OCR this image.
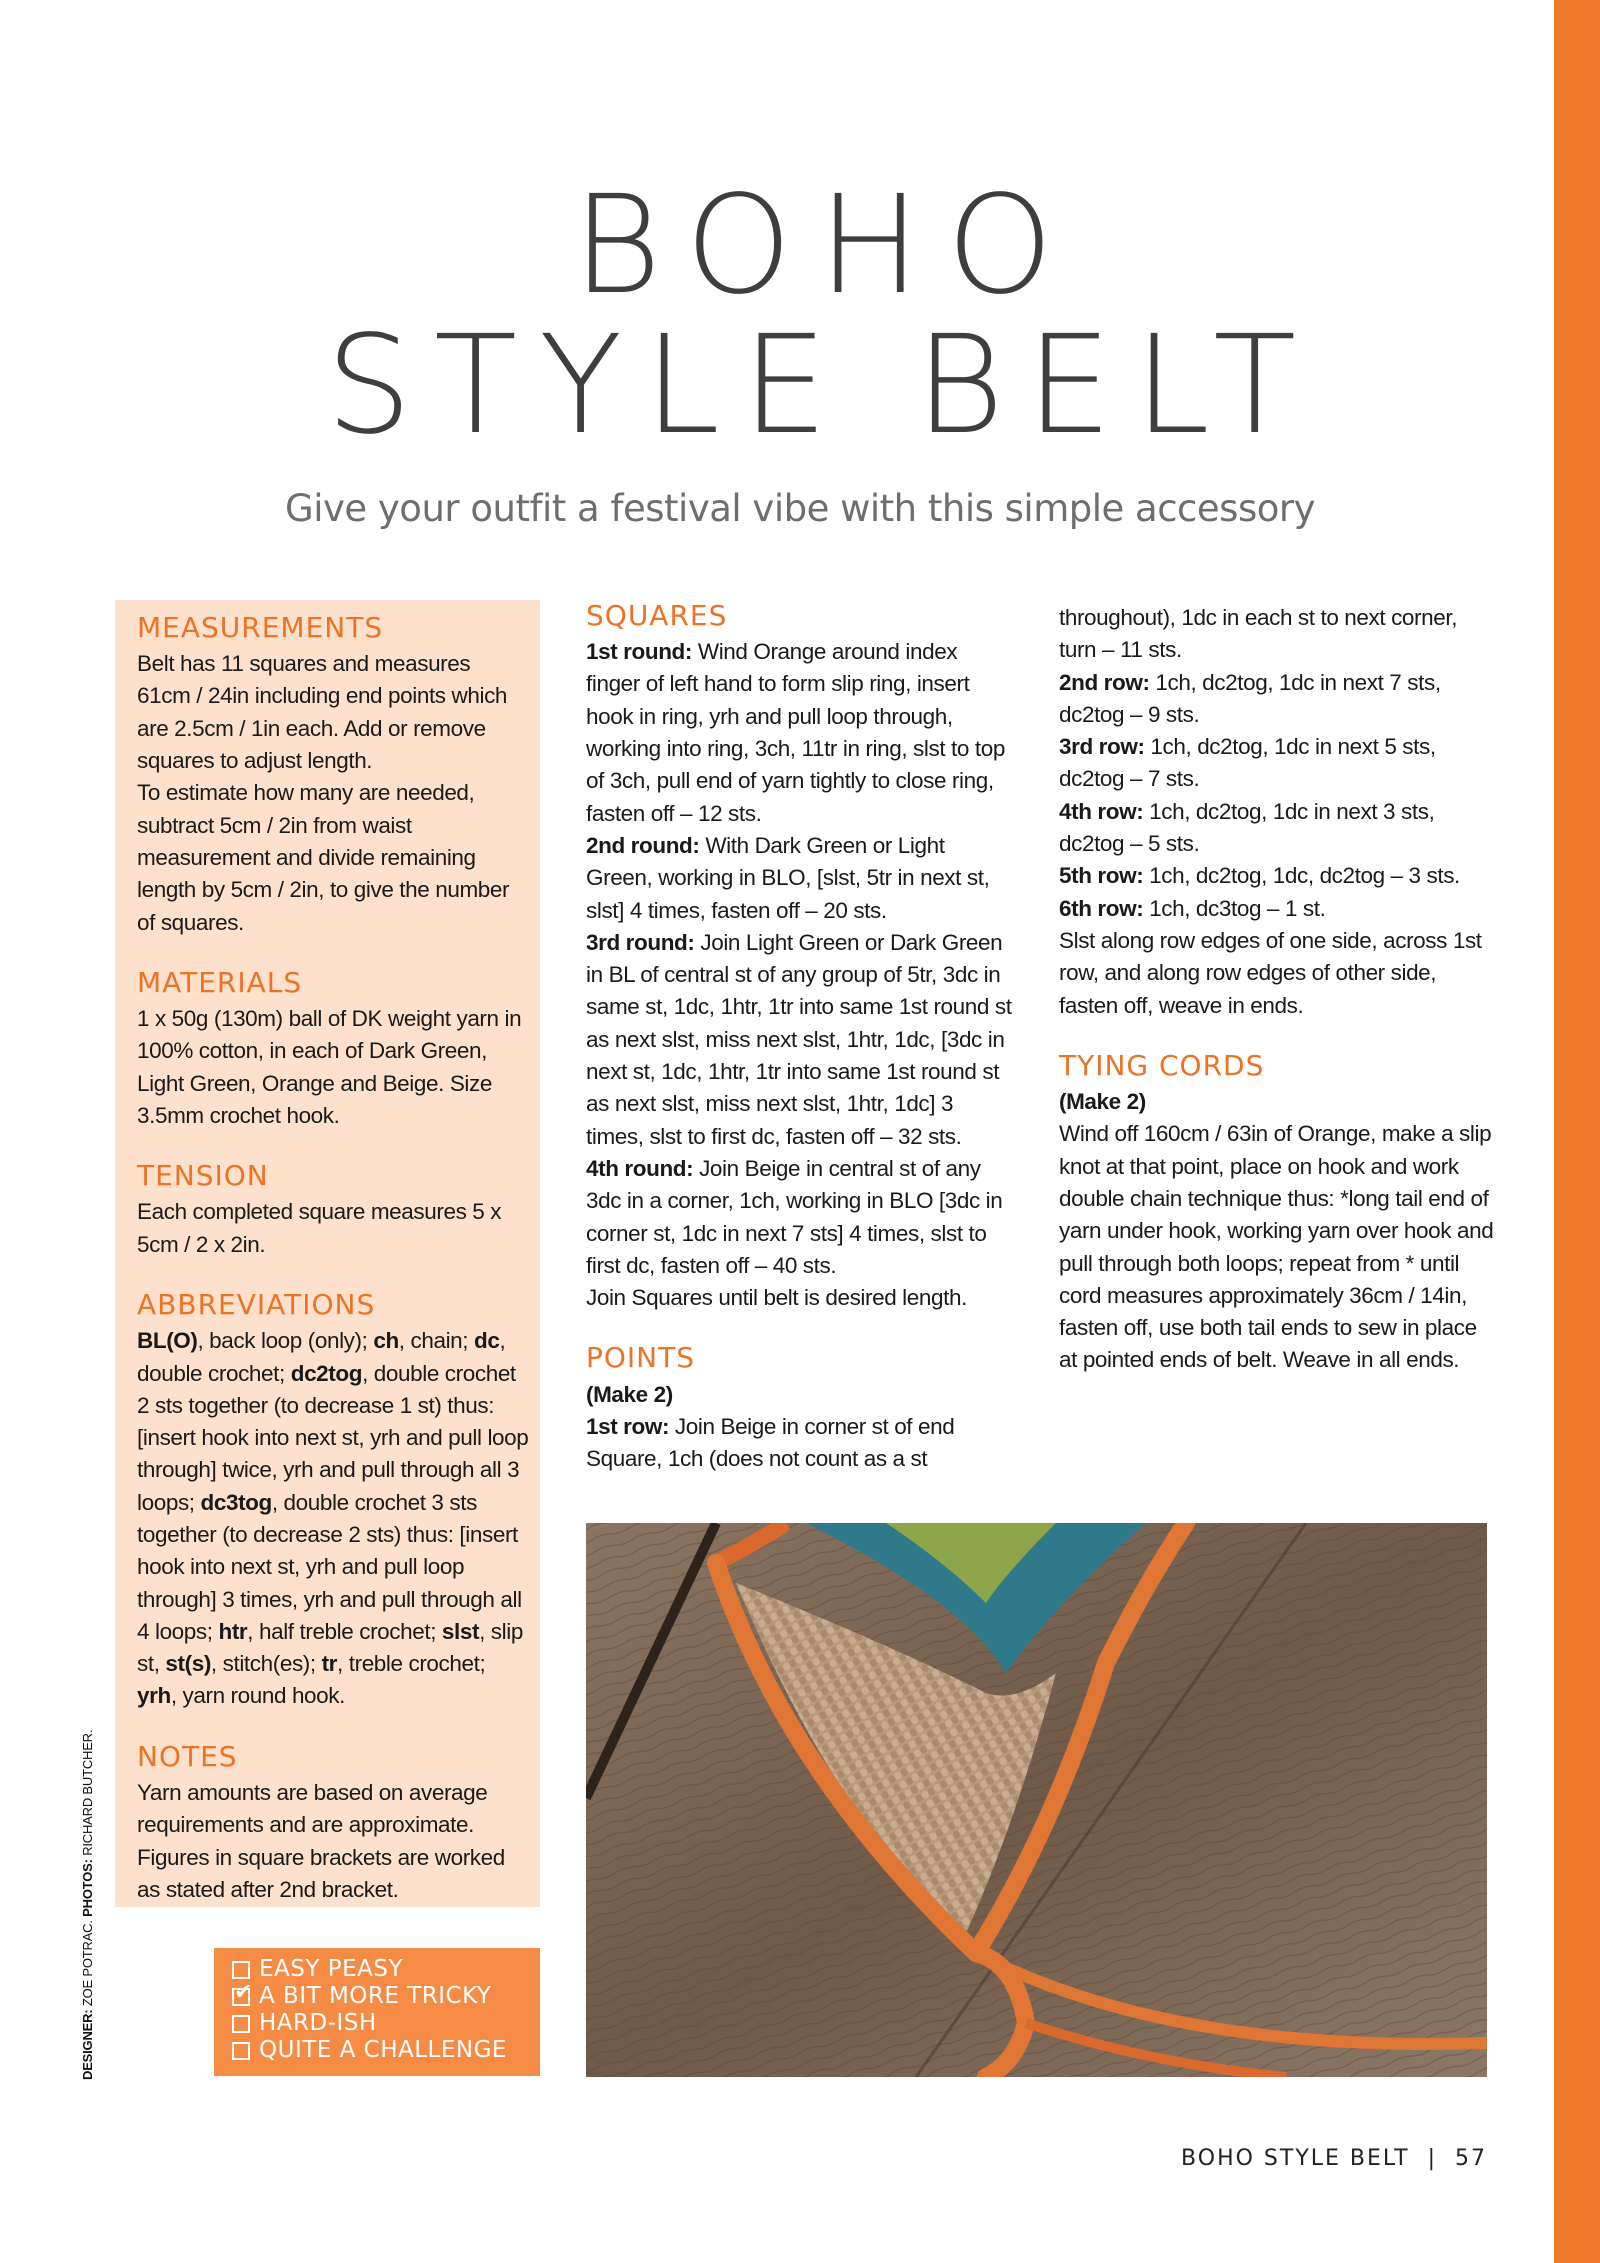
BOHO
STYLE BELT

Give your outfit a festival vibe with this simple accessory

MEASUREMENTS

Belt has 11 squares and measures 61cm / 24in including end points which are 2.5cm / 1in each. Add or remove squares to adjust length.

To estimate how many are needed, subtract 5cm / 2in from waist measurement and divide remaining length by 5cm / 2in, to give the number of squares.

MATERIALS

1 x 50g (130m) ball of DK weight yarn in 100% cotton, in each of Dark Green, Light Green, Orange and Beige. Size 3.5mm crochet hook.

TENSION

Each completed square measures 5 x 5cm / 2 x 2in.

ABBREVIATIONS

BL(O), back loop (only); ch, chain; dc, double crochet; dc2tog, double crochet 2 sts together (to decrease 1 st) thus: [insert hook into next st, yrh and pull loop through] twice, yrh and pull through all 3 loops; dc3tog, double crochet 3 sts together (to decrease 2 sts) thus: [insert hook into next st, yrh and pull loop through] 3 times, yrh and pull through all 4 loops; htr, half treble crochet; slst, slip st, st(s), stitch(es); tr, treble crochet; yrh, yarn round hook.

NOTES

Yarn amounts are based on average requirements and are approximate. Figures in square brackets are worked as stated after 2nd bracket.

EASY PEASY
✔ A BIT MORE TRICKY
HARD-ISH
QUITE A CHALLENGE
SQUARES

1st round: Wind Orange around index finger of left hand to form slip ring, insert hook in ring, yrh and pull loop through, working into ring, 3ch, 11tr in ring, slst to top of 3ch, pull end of yarn tightly to close ring, fasten off – 12 sts.

2nd round: With Dark Green or Light Green, working in BLO, [slst, 5tr in next st, slst] 4 times, fasten off – 20 sts.

3rd round: Join Light Green or Dark Green in BL of central st of any group of 5tr, 3dc in same st, 1dc, 1htr, 1tr into same 1st round st as next slst, miss next slst, 1htr, 1dc, [3dc in next st, 1dc, 1htr, 1tr into same 1st round st as next slst, miss next slst, 1htr, 1dc] 3 times, slst to first dc, fasten off – 32 sts.

4th round: Join Beige in central st of any 3dc in a corner, 1ch, working in BLO [3dc in corner st, 1dc in next 7 sts] 4 times, slst to first dc, fasten off – 40 sts.

Join Squares until belt is desired length.

POINTS

(Make 2)

1st row: Join Beige in corner st of end Square, 1ch (does not count as a st

throughout), 1dc in each st to next corner, turn – 11 sts.

2nd row: 1ch, dc2tog, 1dc in next 7 sts, dc2tog – 9 sts.

3rd row: 1ch, dc2tog, 1dc in next 5 sts, dc2tog – 7 sts.

4th row: 1ch, dc2tog, 1dc in next 3 sts, dc2tog – 5 sts.

5th row: 1ch, dc2tog, 1dc, dc2tog – 3 sts.

6th row: 1ch, dc3tog – 1 st.

Slst along row edges of one side, across 1st row, and along row edges of other side, fasten off, weave in ends.

TYING CORDS

(Make 2)

Wind off 160cm / 63in of Orange, make a slip knot at that point, place on hook and work double chain technique thus: *long tail end of yarn under hook, working yarn over hook and pull through both loops; repeat from * until cord measures approximately 36cm / 14in, fasten off, use both tail ends to sew in place at pointed ends of belt. Weave in all ends.

DESIGNER: ZOE POTRAC. PHOTOS: RICHARD BUTCHER.
BOHO STYLE BELT | 57
